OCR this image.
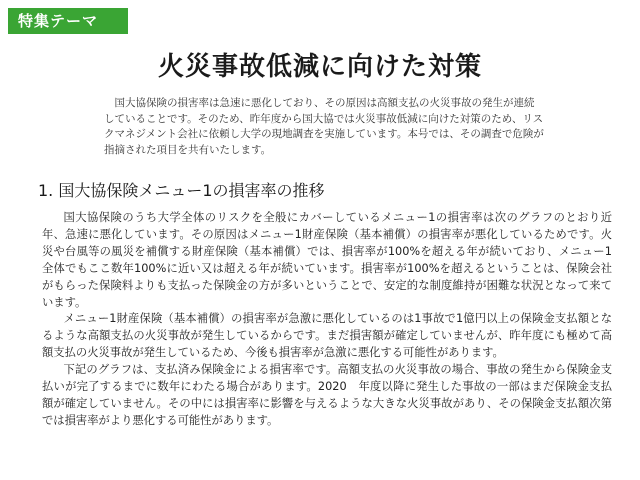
特集テーマ
火災事故低減に向けた対策

国大協保険の損害率は急速に悪化しており、その原因は高額支払の火災事故の発生が連続していることです。そのため、昨年度から国大協では火災事故低減に向けた対策のため、リスクマネジメント会社に依頼し大学の現地調査を実施しています。本号では、その調査で危険が指摘された項目を共有いたします。

1. 国大協保険メニュー1の損害率の推移

国大協保険のうち大学全体のリスクを全般にカバーしているメニュー1の損害率は次のグラフのとおり近年、急速に悪化しています。その原因はメニュー1財産保険（基本補償）の損害率が悪化しているためです。火災や台風等の風災を補償する財産保険（基本補償）では、損害率が100%を超える年が続いており、メニュー1全体でもここ数年100%に近い又は超える年が続いています。損害率が100%を超えるということは、保険会社がもらった保険料よりも支払った保険金の方が多いということで、安定的な制度維持が困難な状況となって来ています。

メニュー1財産保険（基本補償）の損害率が急激に悪化しているのは1事故で1億円以上の保険金支払額となるような高額支払の火災事故が発生しているからです。まだ損害額が確定していませんが、昨年度にも極めて高額支払の火災事故が発生しているため、今後も損害率が急激に悪化する可能性があります。

下記のグラフは、支払済み保険金による損害率です。高額支払の火災事故の場合、事故の発生から保険金支払いが完了するまでに数年にわたる場合があります。2020　年度以降に発生した事故の一部はまだ保険金支払額が確定していません。その中には損害率に影響を与えるような大きな火災事故があり、その保険金支払額次第では損害率がより悪化する可能性があります。
